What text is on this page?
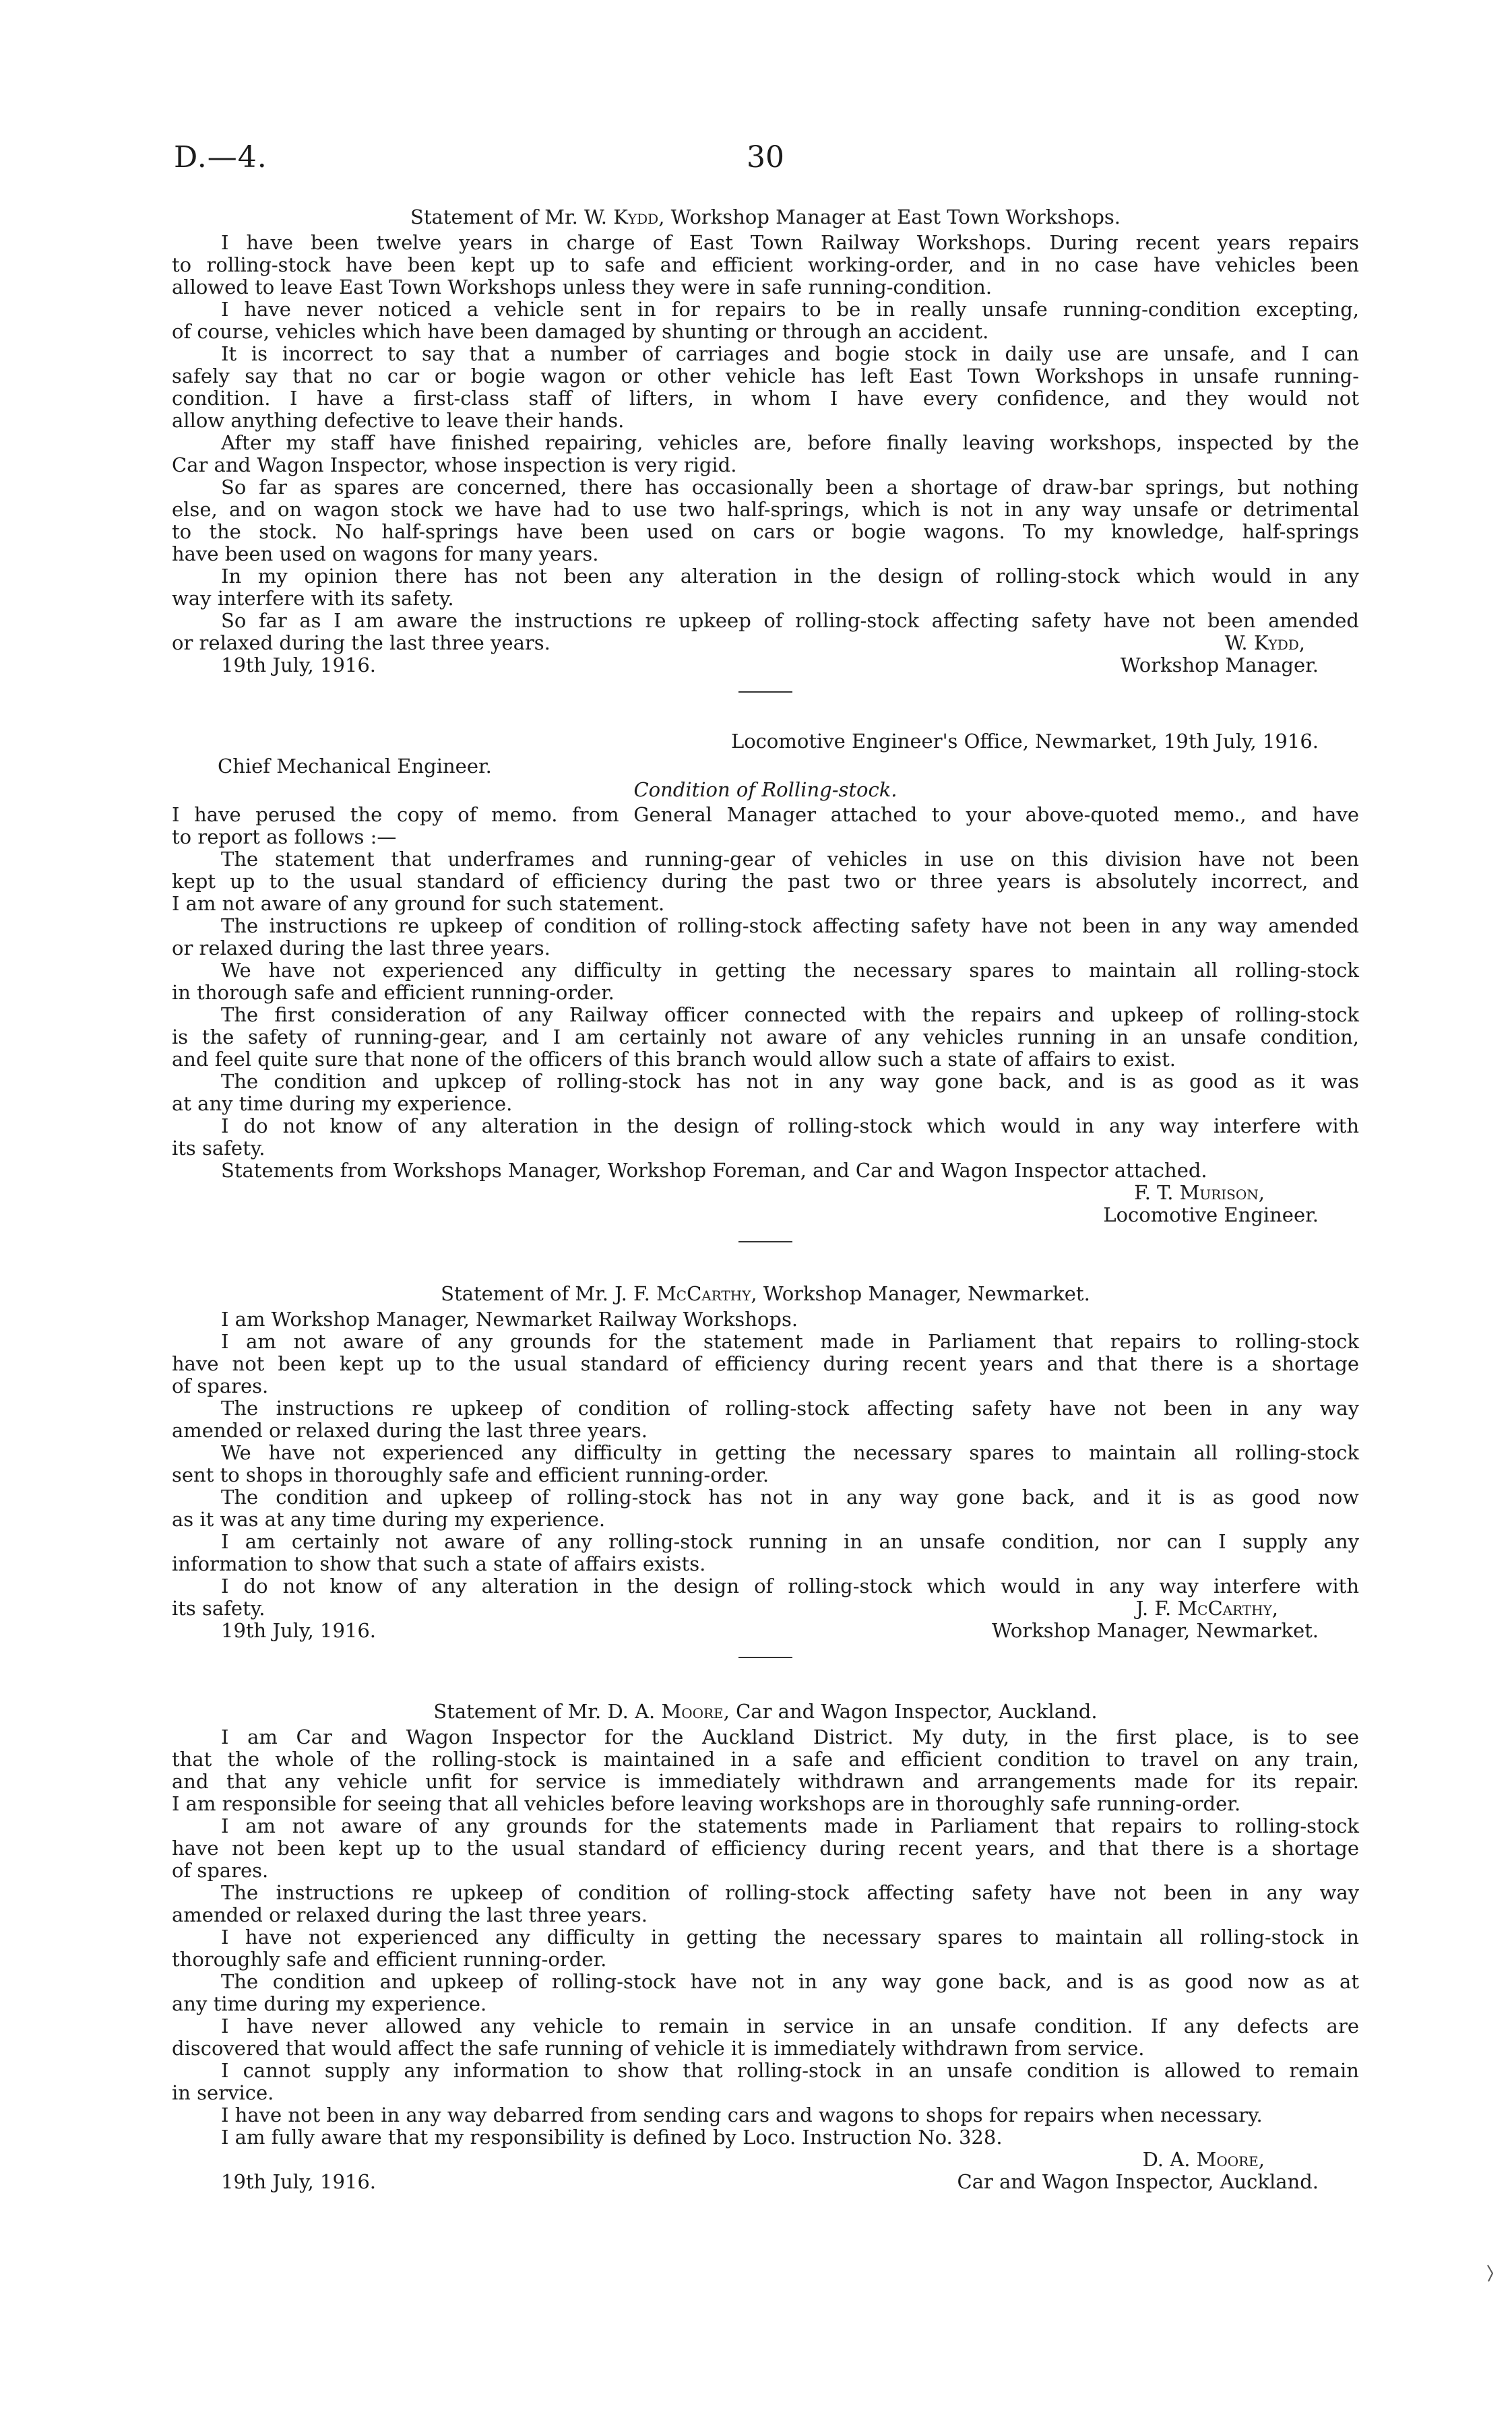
D.—4.	30
Statement of Mr. W. Kydd, Workshop Manager at East Town Workshops.
I have been twelve years in charge of East Town Railway Workshops. During recent years repairs
to rolling-stock have been kept up to safe and efficient working-order, and in no case have vehicles been
allowed to leave East Town Workshops unless they were in safe running-condition.
I have never noticed a vehicle sent in for repairs to be in really unsafe running-condition excepting,
of course, vehicles which have been damaged by shunting or through an accident.
It is incorrect to say that a number of carriages and bogie stock in daily use are unsafe, and I can
safely say that no car or bogie wagon or other vehicle has left East Town Workshops in unsafe running-
condition. I have a first-class staff of lifters, in whom I have every confidence, and they would not
allow anything defective to leave their hands.
After my staff have finished repairing, vehicles are, before finally leaving workshops, inspected by the
Car and Wagon Inspector, whose inspection is very rigid.
So far as spares are concerned, there has occasionally been a shortage of draw-bar springs, but nothing
else, and on wagon stock we have had to use two half-springs, which is not in any way unsafe or detrimental
to the stock. No half-springs have been used on cars or bogie wagons. To my knowledge, half-springs
have been used on wagons for many years.
In my opinion there has not been any alteration in the design of rolling-stock which would in any
way interfere with its safety.
So far as I am aware the instructions re upkeep of rolling-stock affecting safety have not been amended
or relaxed during the last three years.	W. Kydd,
19th July, 1916.	Workshop Manager.
Locomotive Engineer's Office, Newmarket, 19th July, 1916.
Chief Mechanical Engineer.
Condition of Rolling-stock.
I have perused the copy of memo. from General Manager attached to your above-quoted memo., and have
to report as follows :—
The statement that underframes and running-gear of vehicles in use on this division have not been
kept up to the usual standard of efficiency during the past two or three years is absolutely incorrect, and
I am not aware of any ground for such statement.
The instructions re upkeep of condition of rolling-stock affecting safety have not been in any way amended
or relaxed during the last three years.
We have not experienced any difficulty in getting the necessary spares to maintain all rolling-stock
in thorough safe and efficient running-order.
The first consideration of any Railway officer connected with the repairs and upkeep of rolling-stock
is the safety of running-gear, and I am certainly not aware of any vehicles running in an unsafe condition,
and feel quite sure that none of the officers of this branch would allow such a state of affairs to exist.
The condition and upkcep of rolling-stock has not in any way gone back, and is as good as it was
at any time during my experience.
I do not know of any alteration in the design of rolling-stock which would in any way interfere with
its safety.
Statements from Workshops Manager, Workshop Foreman, and Car and Wagon Inspector attached.
F. T. Murison,
Locomotive Engineer.
Statement of Mr. J. F. McCarthy, Workshop Manager, Newmarket.
I am Workshop Manager, Newmarket Railway Workshops.
I am not aware of any grounds for the statement made in Parliament that repairs to rolling-stock
have not been kept up to the usual standard of efficiency during recent years and that there is a shortage
of spares.
The instructions re upkeep of condition of rolling-stock affecting safety have not been in any way
amended or relaxed during the last three years.
We have not experienced any difficulty in getting the necessary spares to maintain all rolling-stock
sent to shops in thoroughly safe and efficient running-order.
The condition and upkeep of rolling-stock has not in any way gone back, and it is as good now
as it was at any time during my experience.
I am certainly not aware of any rolling-stock running in an unsafe condition, nor can I supply any
information to show that such a state of affairs exists.
I do not know of any alteration in the design of rolling-stock which would in any way interfere with
its safety.	J. F. McCarthy,
19th July, 1916.	Workshop Manager, Newmarket.
Statement of Mr. D. A. Moore, Car and Wagon Inspector, Auckland.
I am Car and Wagon Inspector for the Auckland District. My duty, in the first place, is to see
that the whole of the rolling-stock is maintained in a safe and efficient condition to travel on any train,
and that any vehicle unfit for service is immediately withdrawn and arrangements made for its repair.
I am responsible for seeing that all vehicles before leaving workshops are in thoroughly safe running-order.
I am not aware of any grounds for the statements made in Parliament that repairs to rolling-stock
have not been kept up to the usual standard of efficiency during recent years, and that there is a shortage
of spares.
The instructions re upkeep of condition of rolling-stock affecting safety have not been in any way
amended or relaxed during the last three years.
I have not experienced any difficulty in getting the necessary spares to maintain all rolling-stock in
thoroughly safe and efficient running-order.
The condition and upkeep of rolling-stock have not in any way gone back, and is as good now as at
any time during my experience.
I have never allowed any vehicle to remain in service in an unsafe condition. If any defects are
discovered that would affect the safe running of vehicle it is immediately withdrawn from service.
I cannot supply any information to show that rolling-stock in an unsafe condition is allowed to remain
in service.
I have not been in any way debarred from sending cars and wagons to shops for repairs when necessary.
I am fully aware that my responsibility is defined by Loco. Instruction No. 328.
D. A. Moore,
19th July, 1916.	Car and Wagon Inspector, Auckland.
